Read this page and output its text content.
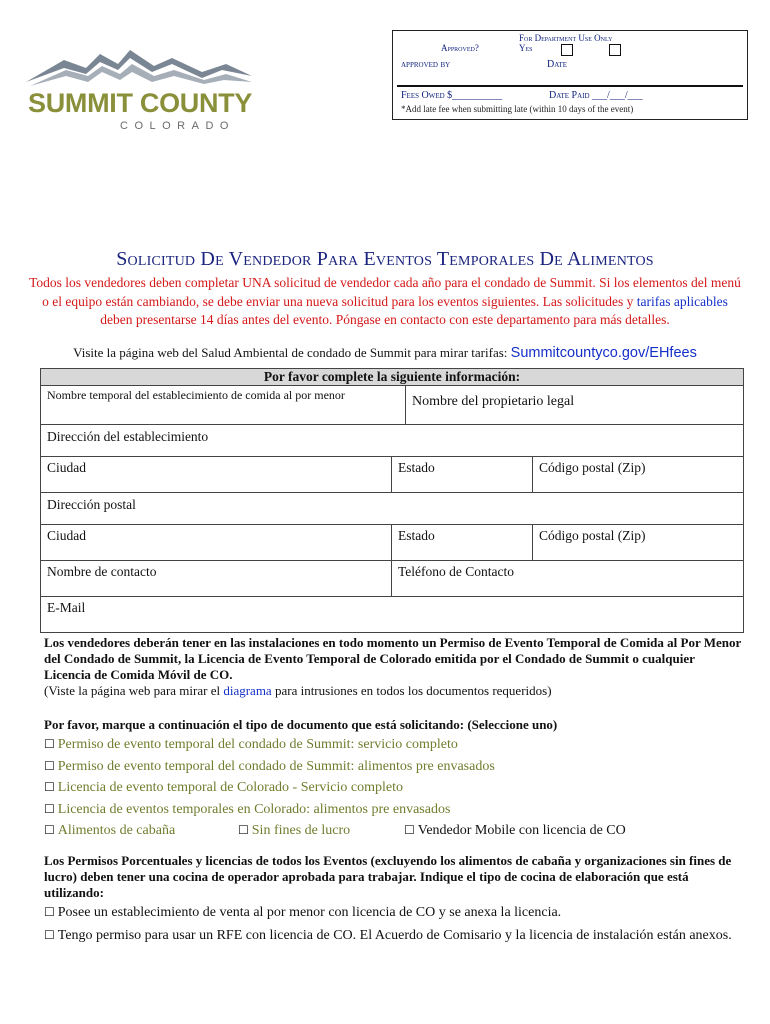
SUMMIT COUNTY
COLORADO
For Department Use Only
Approved?	Yes
approved by	Date
Fees Owed $__________	Date Paid ___/___/___
*Add late fee when submitting late (within 10 days of the event)
Solicitud De Vendedor Para Eventos Temporales De Alimentos
Todos los vendedores deben completar UNA solicitud de vendedor cada año para el condado de Summit. Si los elementos del menú o el equipo están cambiando, se debe enviar una nueva solicitud para los eventos siguientes. Las solicitudes y tarifas aplicables deben presentarse 14 días antes del evento. Póngase en contacto con este departamento para más detalles.
Visite la página web del Salud Ambiental de condado de Summit para mirar tarifas: Summitcountyco.gov/EHfees
Por favor complete la siguiente información:
Nombre temporal del establecimiento de comida al por menor	Nombre del propietario legal
Dirección del establecimiento
Ciudad	Estado	Código postal (Zip)
Dirección postal
Ciudad	Estado	Código postal (Zip)
Nombre de contacto	Teléfono de Contacto
E-Mail
Los vendedores deberán tener en las instalaciones en todo momento un Permiso de Evento Temporal de Comida al Por Menor del Condado de Summit, la Licencia de Evento Temporal de Colorado emitida por el Condado de Summit o cualquier Licencia de Comida Móvil de CO.
(Viste la página web para mirar el diagrama para intrusiones en todos los documentos requeridos)
Por favor, marque a continuación el tipo de documento que está solicitando: (Seleccione uno)
☐ Permiso de evento temporal del condado de Summit: servicio completo
☐ Permiso de evento temporal del condado de Summit: alimentos pre envasados
☐ Licencia de evento temporal de Colorado - Servicio completo
☐ Licencia de eventos temporales en Colorado: alimentos pre envasados
☐ Alimentos de cabaña	☐ Sin fines de lucro	☐ Vendedor Mobile con licencia de CO
Los Permisos Porcentuales y licencias de todos los Eventos (excluyendo los alimentos de cabaña y organizaciones sin fines de lucro) deben tener una cocina de operador aprobada para trabajar. Indique el tipo de cocina de elaboración que está utilizando:
☐ Posee un establecimiento de venta al por menor con licencia de CO y se anexa la licencia.
☐ Tengo permiso para usar un RFE con licencia de CO. El Acuerdo de Comisario y la licencia de instalación están anexos.
